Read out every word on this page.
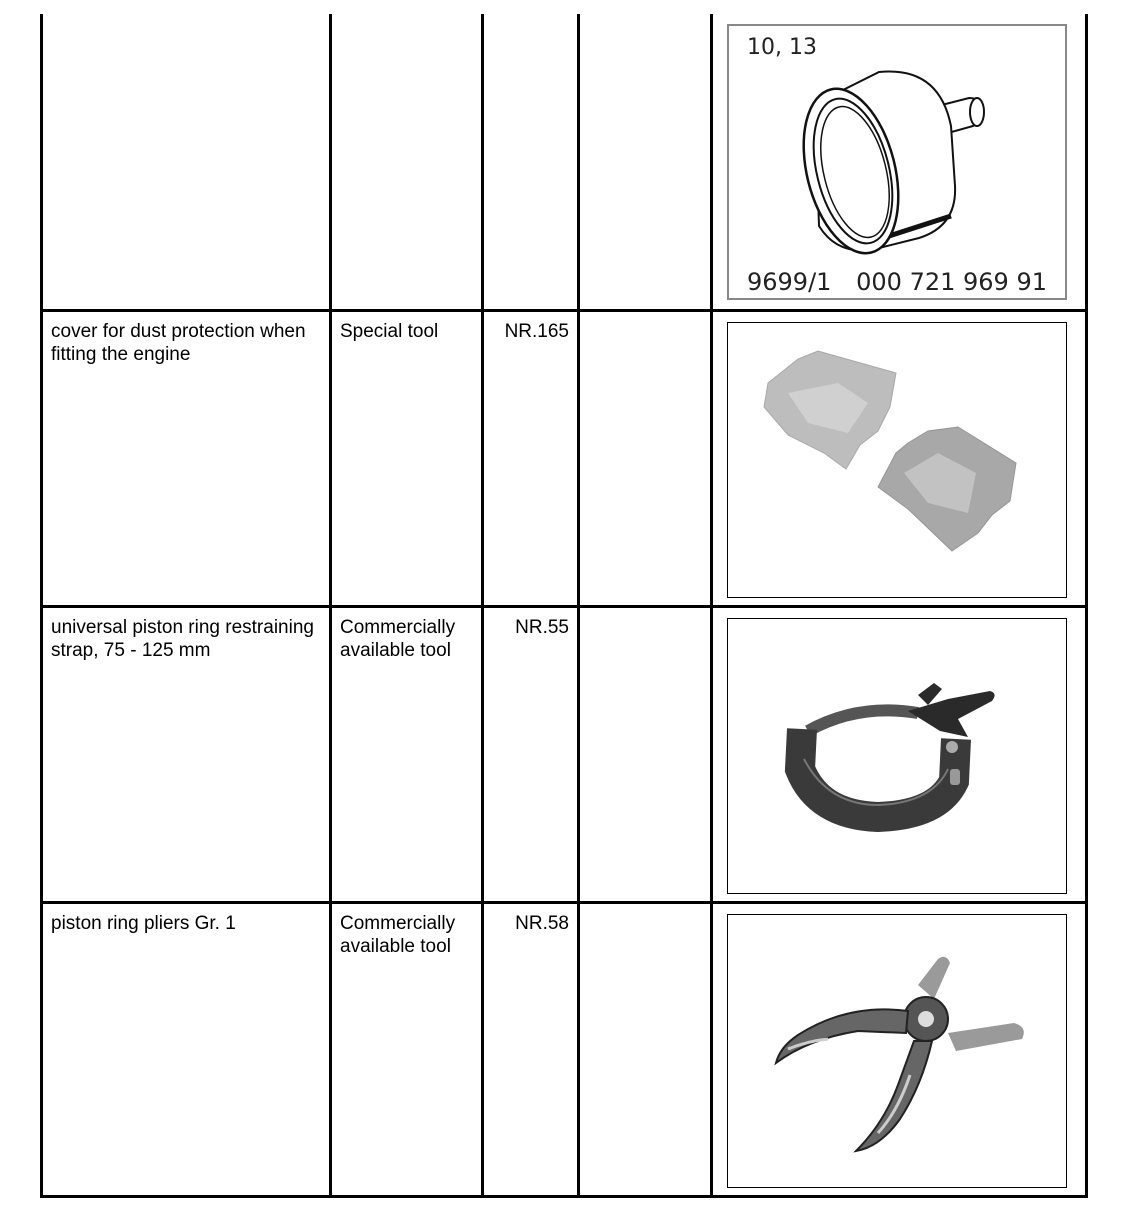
				10, 13
9699/1 000 721 969 91

cover for dust protection when fitting the engine	Special tool	NR.165

universal piston ring restraining strap, 75 - 125 mm	Commercially available tool	NR.55

piston ring pliers Gr. 1	Commercially available tool	NR.58
